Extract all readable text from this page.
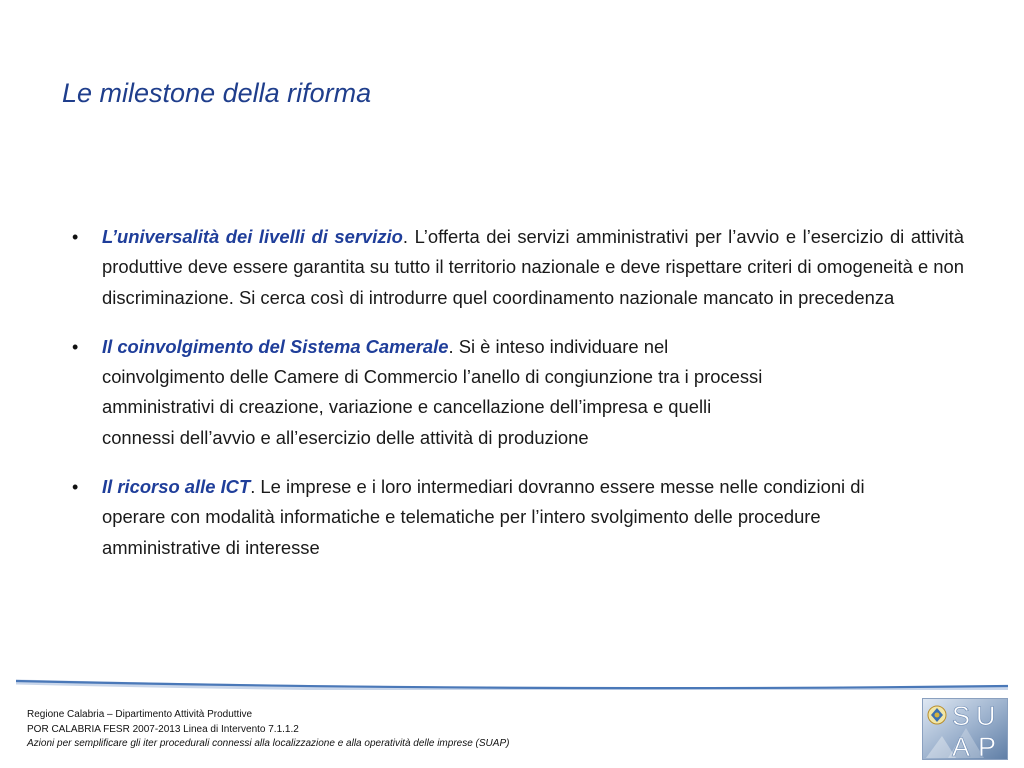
Le milestone della riforma
• L’universalità dei livelli di servizio. L’offerta dei servizi amministrativi per l’avvio e l’esercizio di attività produttive deve essere garantita su tutto il territorio nazionale e deve rispettare criteri di omogeneità e non discriminazione. Si cerca così di introdurre quel coordinamento nazionale mancato in precedenza
• Il coinvolgimento del Sistema Camerale. Si è inteso individuare nel coinvolgimento delle Camere di Commercio l’anello di congiunzione tra i processi amministrativi di creazione, variazione e cancellazione dell’impresa e quelli connessi dell’avvio e all’esercizio delle attività di produzione
• Il ricorso alle ICT. Le imprese e i loro intermediari dovranno essere messe nelle condizioni di operare con modalità informatiche e telematiche per l’intero svolgimento delle procedure amministrative di interesse
Regione Calabria – Dipartimento Attività Produttive
POR CALABRIA FESR 2007-2013 Linea di Intervento 7.1.1.2
Azioni per semplificare gli iter procedurali connessi alla localizzazione e alla operatività delle imprese (SUAP)
S U
A P
